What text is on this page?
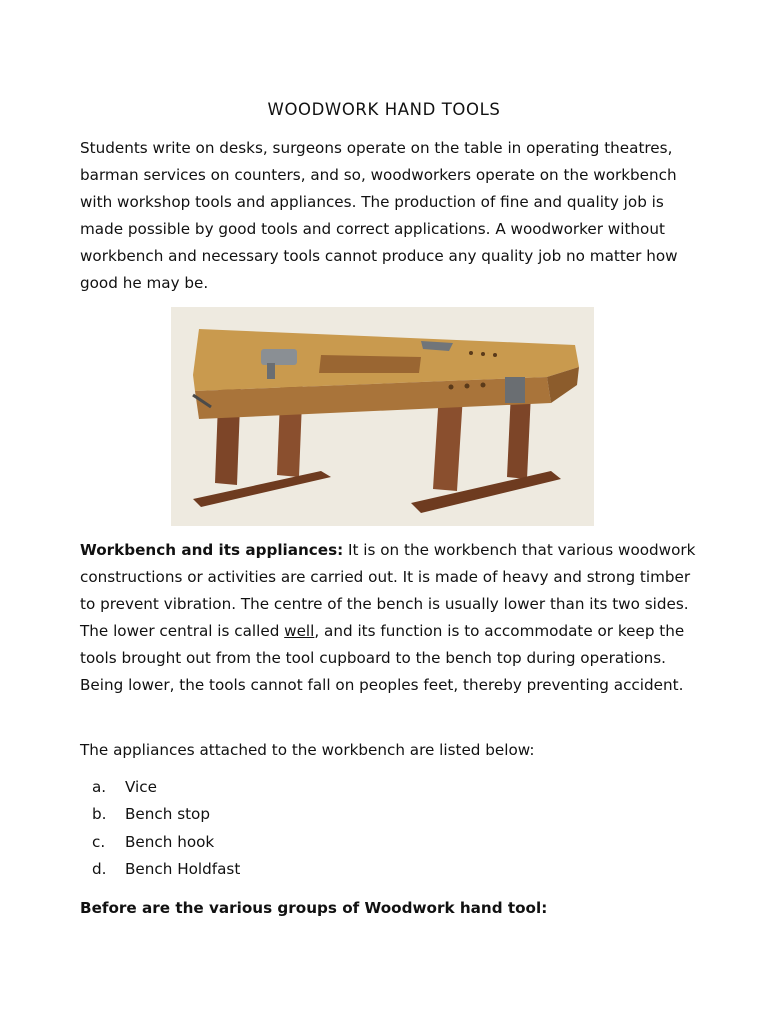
WOODWORK HAND TOOLS

Students write on desks, surgeons operate on the table in operating theatres, barman services on counters, and so, woodworkers operate on the workbench with workshop tools and appliances. The production of fine and quality job is made possible by good tools and correct applications. A woodworker without workbench and necessary tools cannot produce any quality job no matter how good he may be.

Workbench and its appliances: It is on the workbench that various woodwork constructions or activities are carried out. It is made of heavy and strong timber to prevent vibration. The centre of the bench is usually lower than its two sides. The lower central is called well, and its function is to accommodate or keep the tools brought out from the tool cupboard to the bench top during operations. Being lower, the tools cannot fall on peoples feet, thereby preventing accident.

The appliances attached to the workbench are listed below:

a.	Vice
b.	Bench stop
c.	Bench hook
d.	Bench Holdfast
Before are the various groups of Woodwork hand tool:
